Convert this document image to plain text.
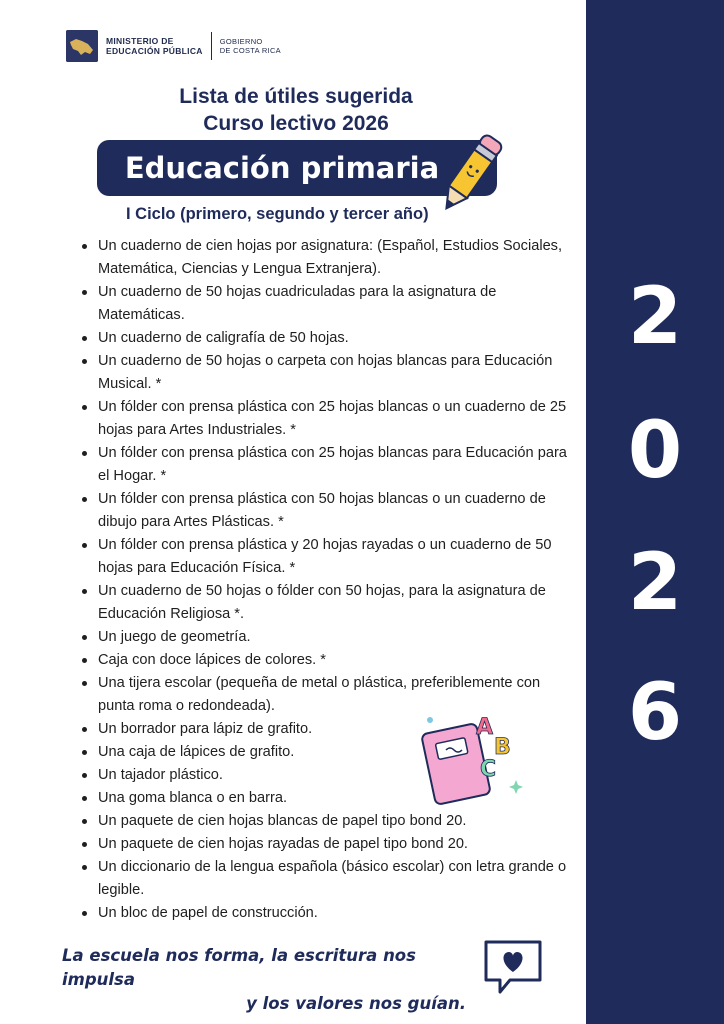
MINISTERIO DE
EDUCACIÓN PÚBLICA
GOBIERNO
DE COSTA RICA
Lista de útiles sugerida
Curso lectivo 2026
Educación primaria
I Ciclo (primero, segundo y tercer año)
Un cuaderno de cien hojas por asignatura: (Español, Estudios Sociales, Matemática, Ciencias y Lengua Extranjera).
Un cuaderno de 50 hojas cuadriculadas para la asignatura de Matemáticas.
Un cuaderno de caligrafía de 50 hojas.
Un cuaderno de 50 hojas o carpeta con hojas blancas para Educación Musical. *
Un fólder con prensa plástica con 25 hojas blancas o un cuaderno de 25 hojas para Artes Industriales. *
Un fólder con prensa plástica con 25 hojas blancas para Educación para el Hogar. *
Un fólder con prensa plástica con 50 hojas blancas o un cuaderno de dibujo para Artes Plásticas. *
Un fólder con prensa plástica y 20 hojas rayadas o un cuaderno de 50 hojas para Educación Física. *
Un cuaderno de 50 hojas o fólder con 50 hojas, para la asignatura de Educación Religiosa *.
Un juego de geometría.
Caja con doce lápices de colores. *
Una tijera escolar (pequeña de metal o plástica, preferiblemente con punta roma o redondeada).
Un borrador para lápiz de grafito.
Una caja de lápices de grafito.
Un tajador plástico.
Una goma blanca o en barra.
Un paquete de cien hojas blancas de papel tipo bond 20.
Un paquete de cien hojas rayadas de papel tipo bond 20.
Un diccionario de la lengua española (básico escolar) con letra grande o legible.
Un bloc de papel de construcción.
A
B
C
La escuela nos forma, la escritura nos impulsa
y los valores nos guían.
2
0
2
6
